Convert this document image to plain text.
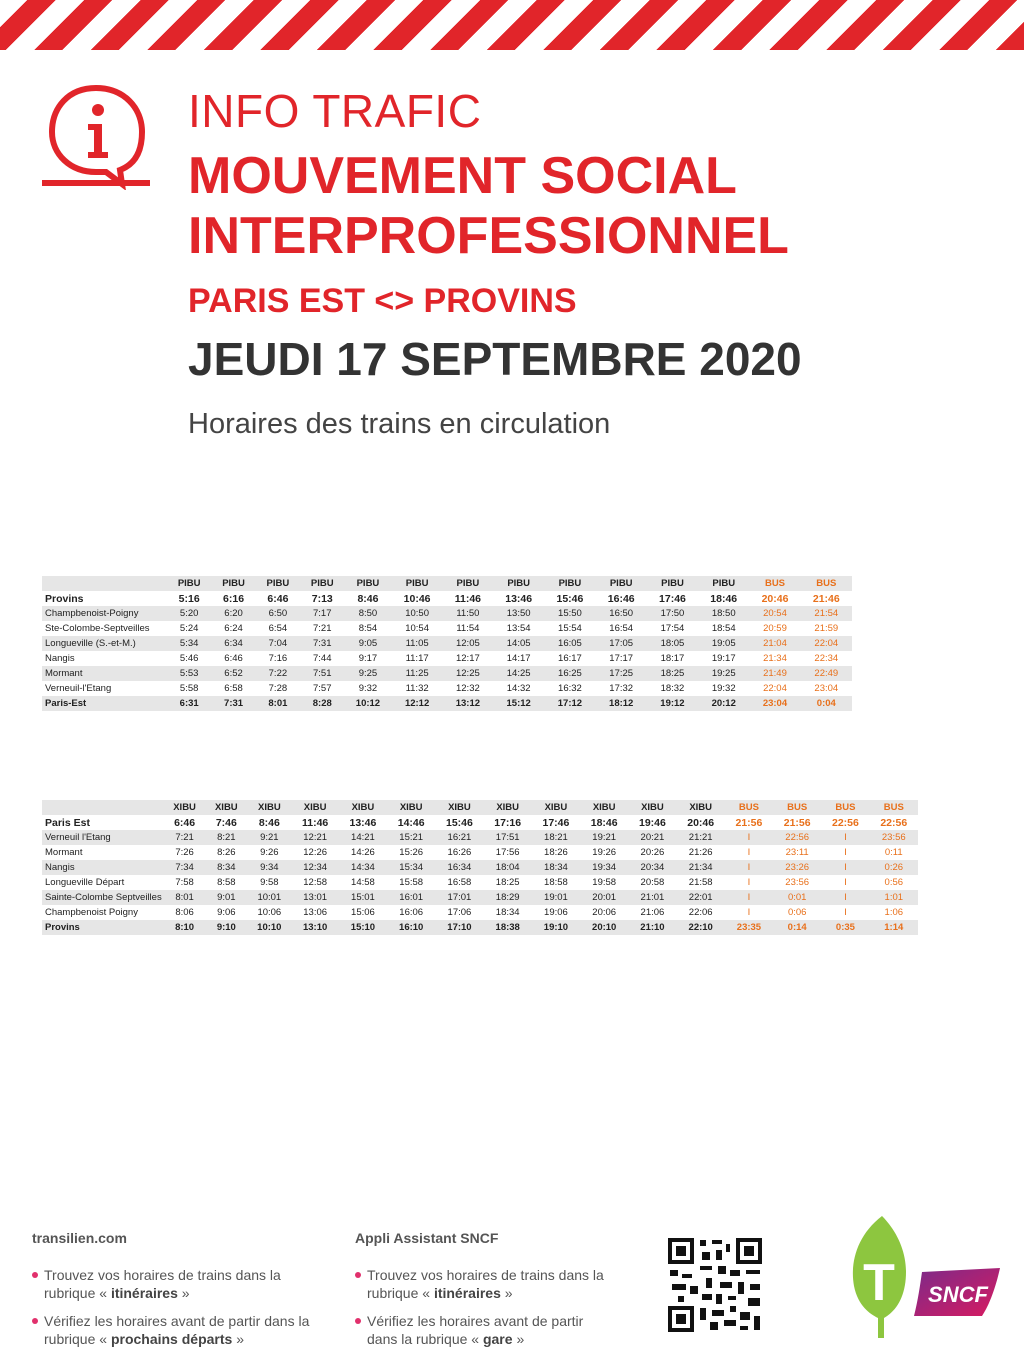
INFO TRAFIC
MOUVEMENT SOCIAL
INTERPROFESSIONNEL
PARIS EST <> PROVINS
JEUDI 17 SEPTEMBRE 2020
Horaires des trains en circulation
	PIBU	PIBU	PIBU	PIBU	PIBU	PIBU	PIBU	PIBU	PIBU	PIBU	PIBU	PIBU	BUS	BUS
Provins	5:16	6:16	6:46	7:13	8:46	10:46	11:46	13:46	15:46	16:46	17:46	18:46	20:46	21:46
Champbenoist-Poigny	5:20	6:20	6:50	7:17	8:50	10:50	11:50	13:50	15:50	16:50	17:50	18:50	20:54	21:54
Ste-Colombe-Septveilles	5:24	6:24	6:54	7:21	8:54	10:54	11:54	13:54	15:54	16:54	17:54	18:54	20:59	21:59
Longueville (S.-et-M.)	5:34	6:34	7:04	7:31	9:05	11:05	12:05	14:05	16:05	17:05	18:05	19:05	21:04	22:04
Nangis	5:46	6:46	7:16	7:44	9:17	11:17	12:17	14:17	16:17	17:17	18:17	19:17	21:34	22:34
Mormant	5:53	6:52	7:22	7:51	9:25	11:25	12:25	14:25	16:25	17:25	18:25	19:25	21:49	22:49
Verneuil-l'Etang	5:58	6:58	7:28	7:57	9:32	11:32	12:32	14:32	16:32	17:32	18:32	19:32	22:04	23:04
Paris-Est	6:31	7:31	8:01	8:28	10:12	12:12	13:12	15:12	17:12	18:12	19:12	20:12	23:04	0:04
	XIBU	XIBU	XIBU	XIBU	XIBU	XIBU	XIBU	XIBU	XIBU	XIBU	XIBU	XIBU	BUS	BUS	BUS	BUS
Paris Est	6:46	7:46	8:46	11:46	13:46	14:46	15:46	17:16	17:46	18:46	19:46	20:46	21:56	21:56	22:56	22:56
Verneuil l'Etang	7:21	8:21	9:21	12:21	14:21	15:21	16:21	17:51	18:21	19:21	20:21	21:21	I	22:56	I	23:56
Mormant	7:26	8:26	9:26	12:26	14:26	15:26	16:26	17:56	18:26	19:26	20:26	21:26	I	23:11	I	0:11
Nangis	7:34	8:34	9:34	12:34	14:34	15:34	16:34	18:04	18:34	19:34	20:34	21:34	I	23:26	I	0:26
Longueville Départ	7:58	8:58	9:58	12:58	14:58	15:58	16:58	18:25	18:58	19:58	20:58	21:58	I	23:56	I	0:56
Sainte-Colombe Septveilles	8:01	9:01	10:01	13:01	15:01	16:01	17:01	18:29	19:01	20:01	21:01	22:01	I	0:01	I	1:01
Champbenoist Poigny	8:06	9:06	10:06	13:06	15:06	16:06	17:06	18:34	19:06	20:06	21:06	22:06	I	0:06	I	1:06
Provins	8:10	9:10	10:10	13:10	15:10	16:10	17:10	18:38	19:10	20:10	21:10	22:10	23:35	0:14	0:35	1:14
transilien.com
Trouvez vos horaires de trains dans la rubrique « itinéraires »
Vérifiez les horaires avant de partir dans la rubrique « prochains départs »
Appli Assistant SNCF
Trouvez vos horaires de trains dans la rubrique « itinéraires »
Vérifiez les horaires avant de partir dans la rubrique « gare »
T SNCF
